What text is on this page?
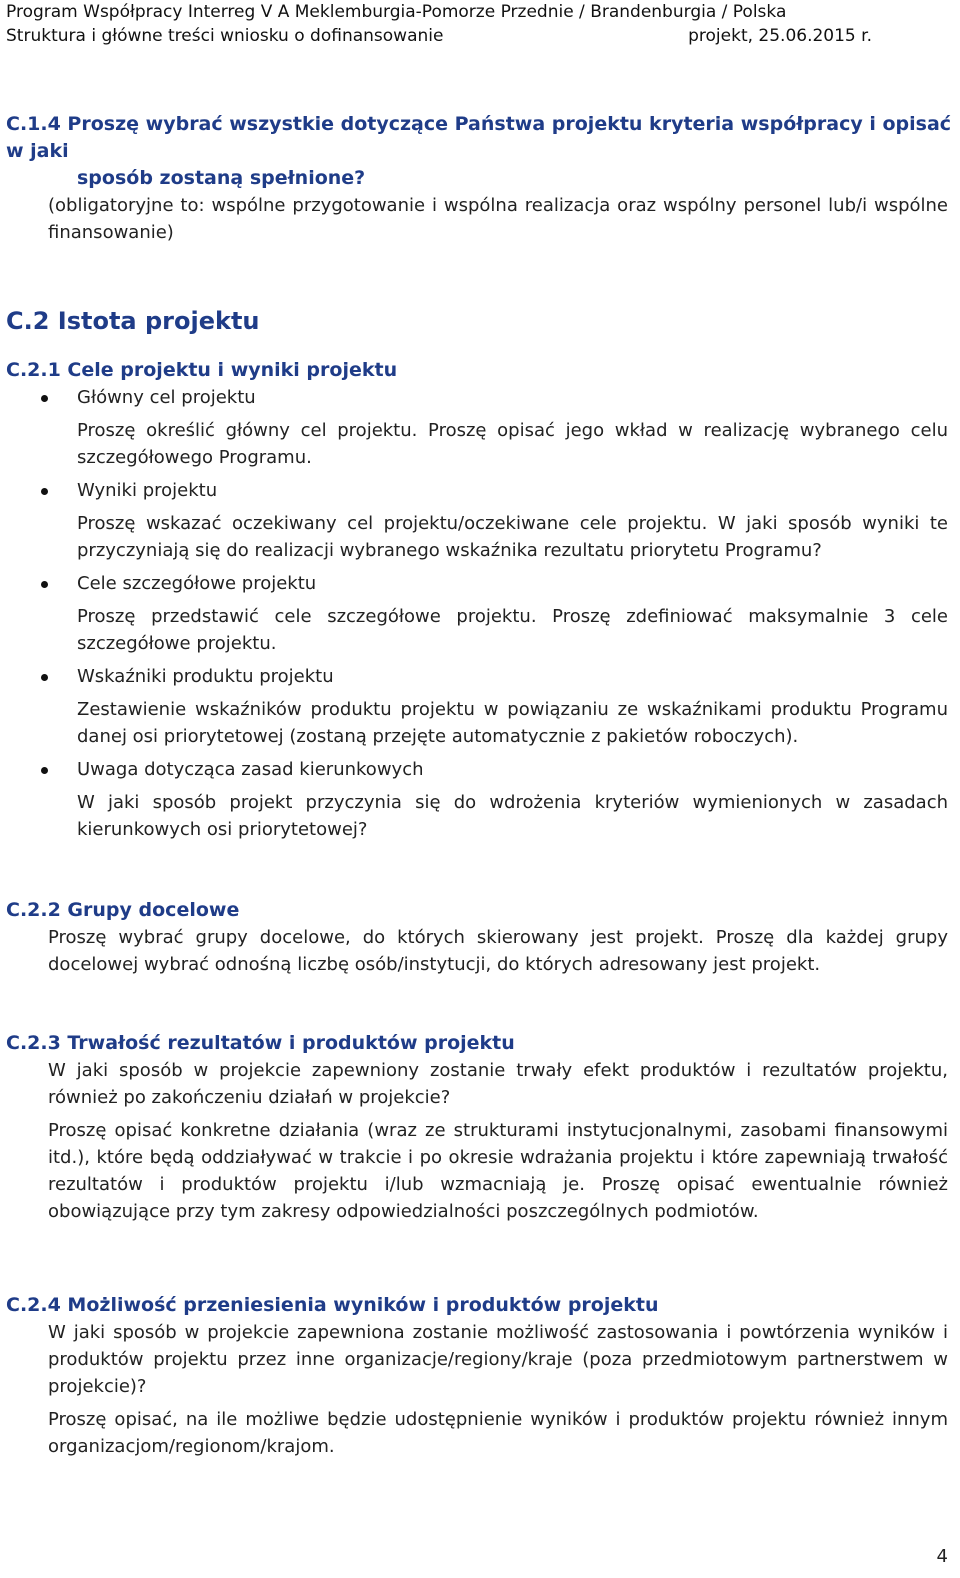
Program Współpracy Interreg V A Meklemburgia-Pomorze Przednie / Brandenburgia / Polska
Struktura i główne treści wniosku o dofinansowanie	projekt, 25.06.2015 r.
C.1.4 Proszę wybrać wszystkie dotyczące Państwa projektu kryteria współpracy i opisać w jaki
sposób zostaną spełnione?
(obligatoryjne to: wspólne przygotowanie i wspólna realizacja oraz wspólny personel lub/i wspólne finansowanie)
C.2 Istota projektu
C.2.1 Cele projektu i wyniki projektu
Główny cel projektu
Proszę określić główny cel projektu. Proszę opisać jego wkład w realizację wybranego celu szczegółowego Programu.
Wyniki projektu
Proszę wskazać oczekiwany cel projektu/oczekiwane cele projektu. W jaki sposób wyniki te przyczyniają się do realizacji wybranego wskaźnika rezultatu priorytetu Programu?
Cele szczegółowe projektu
Proszę przedstawić cele szczegółowe projektu. Proszę zdefiniować maksymalnie 3 cele szczegółowe projektu.
Wskaźniki produktu projektu
Zestawienie wskaźników produktu projektu w powiązaniu ze wskaźnikami produktu Programu danej osi priorytetowej (zostaną przejęte automatycznie z pakietów roboczych).
Uwaga dotycząca zasad kierunkowych
W jaki sposób projekt przyczynia się do wdrożenia kryteriów wymienionych w zasadach kierunkowych osi priorytetowej?
C.2.2 Grupy docelowe
Proszę wybrać grupy docelowe, do których skierowany jest projekt. Proszę dla każdej grupy docelowej wybrać odnośną liczbę osób/instytucji, do których adresowany jest projekt.
C.2.3 Trwałość rezultatów i produktów projektu
W jaki sposób w projekcie zapewniony zostanie trwały efekt produktów i rezultatów projektu, również po zakończeniu działań w projekcie?
Proszę opisać konkretne działania (wraz ze strukturami instytucjonalnymi, zasobami finansowymi itd.), które będą oddziaływać w trakcie i po okresie wdrażania projektu i które zapewniają trwałość rezultatów i produktów projektu i/lub wzmacniają je. Proszę opisać ewentualnie również obowiązujące przy tym zakresy odpowiedzialności poszczególnych podmiotów.
C.2.4 Możliwość przeniesienia wyników i produktów projektu
W jaki sposób w projekcie zapewniona zostanie możliwość zastosowania i powtórzenia wyników i produktów projektu przez inne organizacje/regiony/kraje (poza przedmiotowym partnerstwem w projekcie)?
Proszę opisać, na ile możliwe będzie udostępnienie wyników i produktów projektu również innym organizacjom/regionom/krajom.
4
